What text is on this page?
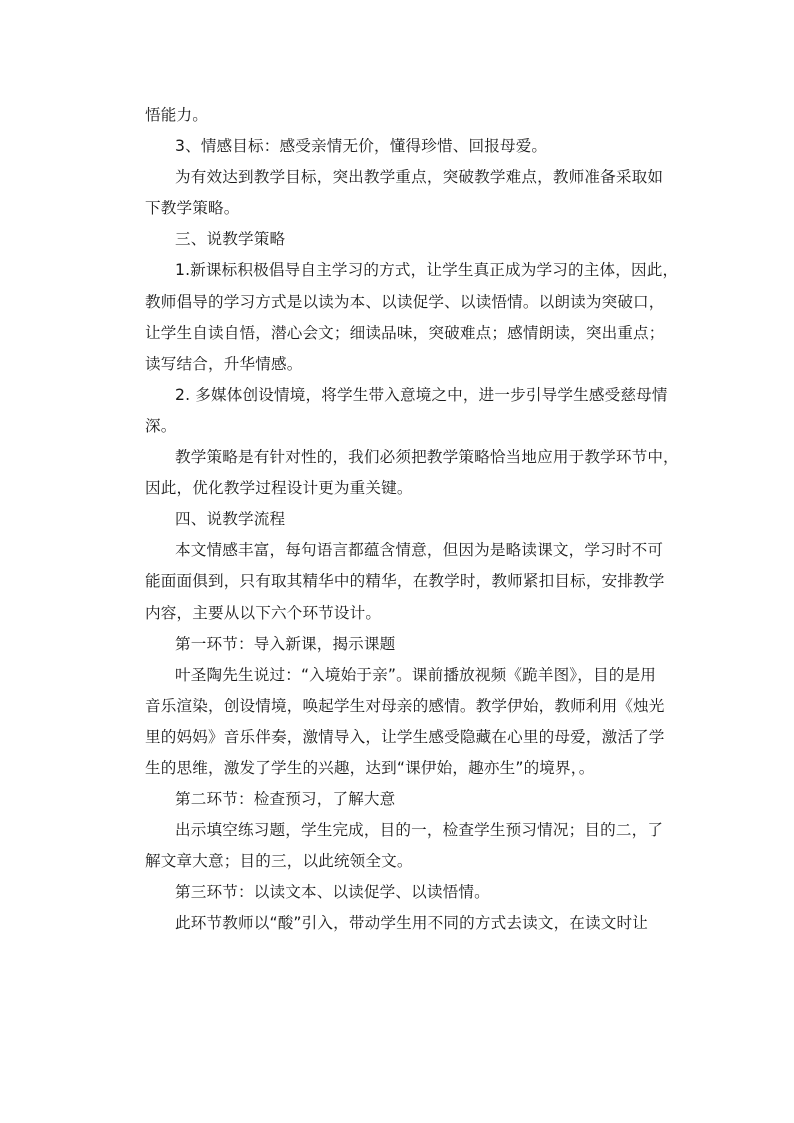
悟能力。
3、情感目标：感受亲情无价，懂得珍惜、回报母爱。
为有效达到教学目标，突出教学重点，突破教学难点，教师准备采取如
下教学策略。
三、说教学策略
1.新课标积极倡导自主学习的方式，让学生真正成为学习的主体，因此，
教师倡导的学习方式是以读为本、以读促学、以读悟情。以朗读为突破口，
让学生自读自悟，潜心会文；细读品味，突破难点；感情朗读，突出重点；
读写结合，升华情感。
2. 多媒体创设情境，将学生带入意境之中，进一步引导学生感受慈母情
深。
教学策略是有针对性的，我们必须把教学策略恰当地应用于教学环节中，
因此，优化教学过程设计更为重关键。
四、说教学流程
本文情感丰富，每句语言都蕴含情意，但因为是略读课文，学习时不可
能面面俱到，只有取其精华中的精华，在教学时，教师紧扣目标，安排教学
内容，主要从以下六个环节设计。
第一环节：导入新课，揭示课题
叶圣陶先生说过：“入境始于亲”。课前播放视频《跪羊图》，目的是用
音乐渲染，创设情境，唤起学生对母亲的感情。教学伊始，教师利用《烛光
里的妈妈》音乐伴奏，激情导入，让学生感受隐藏在心里的母爱，激活了学
生的思维，激发了学生的兴趣，达到“课伊始，趣亦生”的境界，。
第二环节：检查预习，了解大意
出示填空练习题，学生完成，目的一，检查学生预习情况；目的二，了
解文章大意；目的三，以此统领全文。
第三环节：以读文本、以读促学、以读悟情。
此环节教师以“酸”引入，带动学生用不同的方式去读文，在读文时让
